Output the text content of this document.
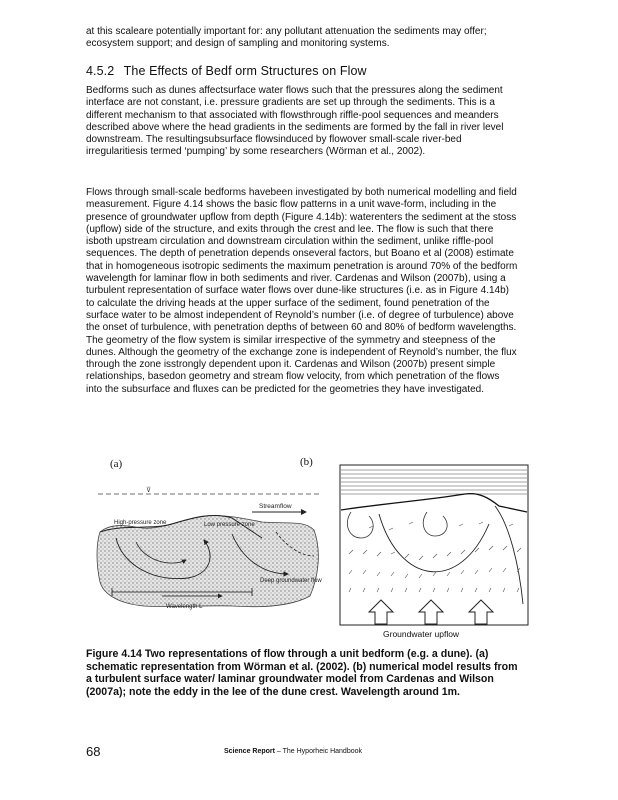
at this scaleare potentially important for: any pollutant attenuation the sediments may offer; ecosystem support; and design of sampling and monitoring systems.

4.5.2 The Effects of Bedf orm Structures on Flow

Bedforms such as dunes affectsurface water flows such that the pressures along the sediment interface are not constant, i.e. pressure gradients are set up through the sediments. This is a different mechanism to that associated with flowsthrough riffle-pool sequences and meanders described above where the head gradients in the sediments are formed by the fall in river level downstream. The resultingsubsurface flowsinduced by flowover small-scale river-bed irregularitiesis termed ‘pumping’ by some researchers (Wörman et al., 2002).

Flows through small-scale bedforms havebeen investigated by both numerical modelling and field measurement. Figure 4.14 shows the basic flow patterns in a unit wave-form, including in the presence of groundwater upflow from depth (Figure 4.14b): waterenters the sediment at the stoss (upflow) side of the structure, and exits through the crest and lee. The flow is such that there isboth upstream circulation and downstream circulation within the sediment, unlike riffle-pool sequences. The depth of penetration depends onseveral factors, but Boano et al (2008) estimate that in homogeneous isotropic sediments the maximum penetration is around 70% of the bedform wavelength for laminar flow in both sediments and river. Cardenas and Wilson (2007b), using a turbulent representation of surface water flows over dune-like structures (i.e. as in Figure 4.14b) to calculate the driving heads at the upper surface of the sediment, found penetration of the surface water to be almost independent of Reynold’s number (i.e. of degree of turbulence) above the onset of turbulence, with penetration depths of between 60 and 80% of bedform wavelengths. The geometry of the flow system is similar irrespective of the symmetry and steepness of the dunes. Although the geometry of the exchange zone is independent of Reynold’s number, the flux through the zone isstrongly dependent upon it. Cardenas and Wilson (2007b) present simple relationships, basedon geometry and stream flow velocity, from which penetration of the flows into the subsurface and fluxes can be predicted for the geometries they have investigated.

(a)	(b)
⊽
Streamflow
Wavelength L
High-pressure zone	Low pressure zone
Deep groundwater flow
Groundwater upflow

Figure 4.14 Two representations of flow through a unit bedform (e.g. a dune). (a) schematic representation from Wörman et al. (2002). (b) numerical model results from a turbulent surface water/ laminar groundwater model from Cardenas and Wilson (2007a); note the eddy in the lee of the dune crest. Wavelength around 1m.

68	Science Report – The Hyporheic Handbook
